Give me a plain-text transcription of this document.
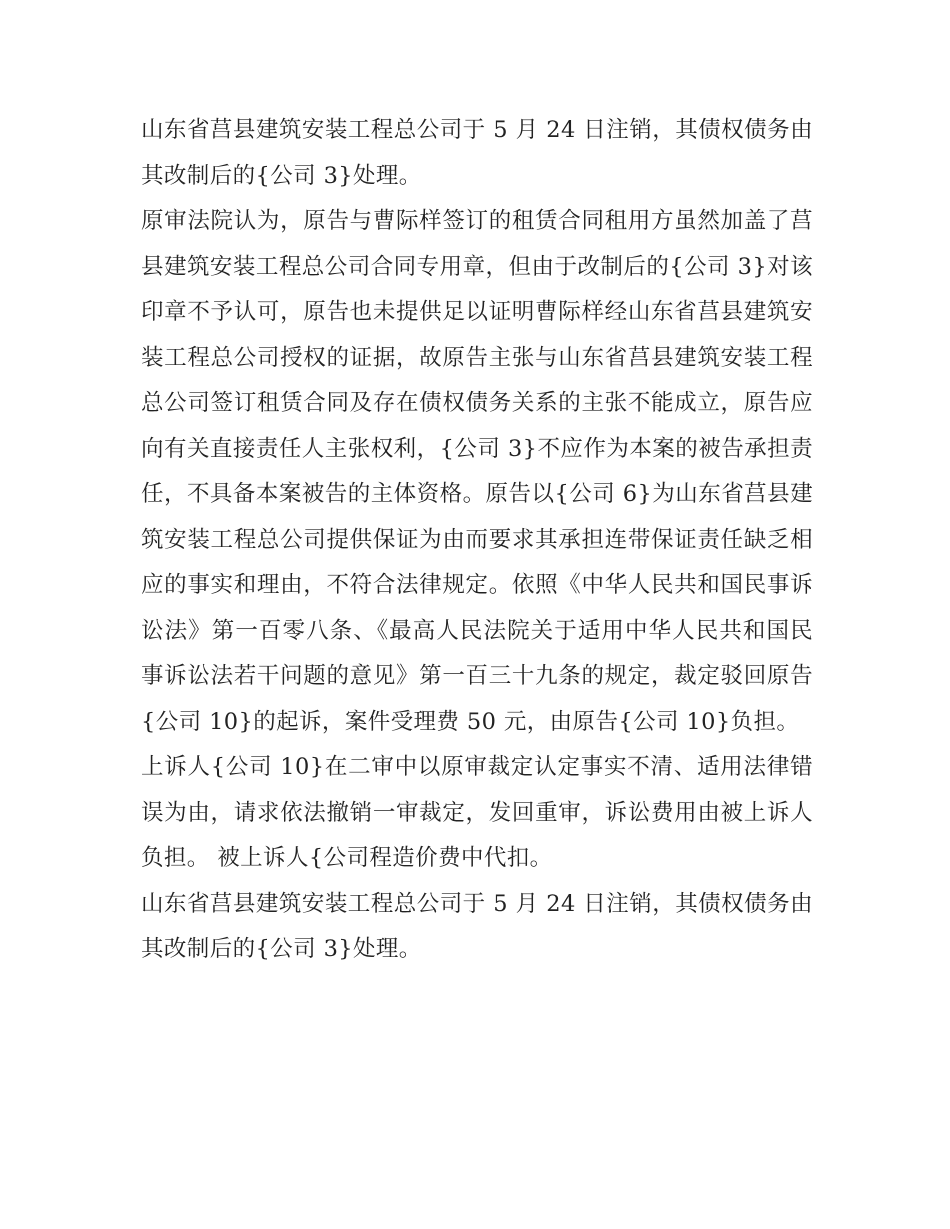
山东省莒县建筑安装工程总公司于 5 月 24 日注销，其债权债务由其改制后的{公司 3}处理。

原审法院认为，原告与曹际样签订的租赁合同租用方虽然加盖了莒县建筑安装工程总公司合同专用章，但由于改制后的{公司 3}对该印章不予认可，原告也未提供足以证明曹际样经山东省莒县建筑安装工程总公司授权的证据，故原告主张与山东省莒县建筑安装工程总公司签订租赁合同及存在债权债务关系的主张不能成立，原告应向有关直接责任人主张权利，{公司 3}不应作为本案的被告承担责任，不具备本案被告的主体资格。原告以{公司 6}为山东省莒县建筑安装工程总公司提供保证为由而要求其承担连带保证责任缺乏相应的事实和理由，不符合法律规定。依照《中华人民共和国民事诉讼法》第一百零八条、《最高人民法院关于适用中华人民共和国民事诉讼法若干问题的意见》第一百三十九条的规定，裁定驳回原告{公司 10}的起诉，案件受理费 50 元，由原告{公司 10}负担。

上诉人{公司 10}在二审中以原审裁定认定事实不清、适用法律错误为由，请求依法撤销一审裁定，发回重审，诉讼费用由被上诉人负担。 被上诉人{公司程造价费中代扣。

山东省莒县建筑安装工程总公司于 5 月 24 日注销，其债权债务由其改制后的{公司 3}处理。
